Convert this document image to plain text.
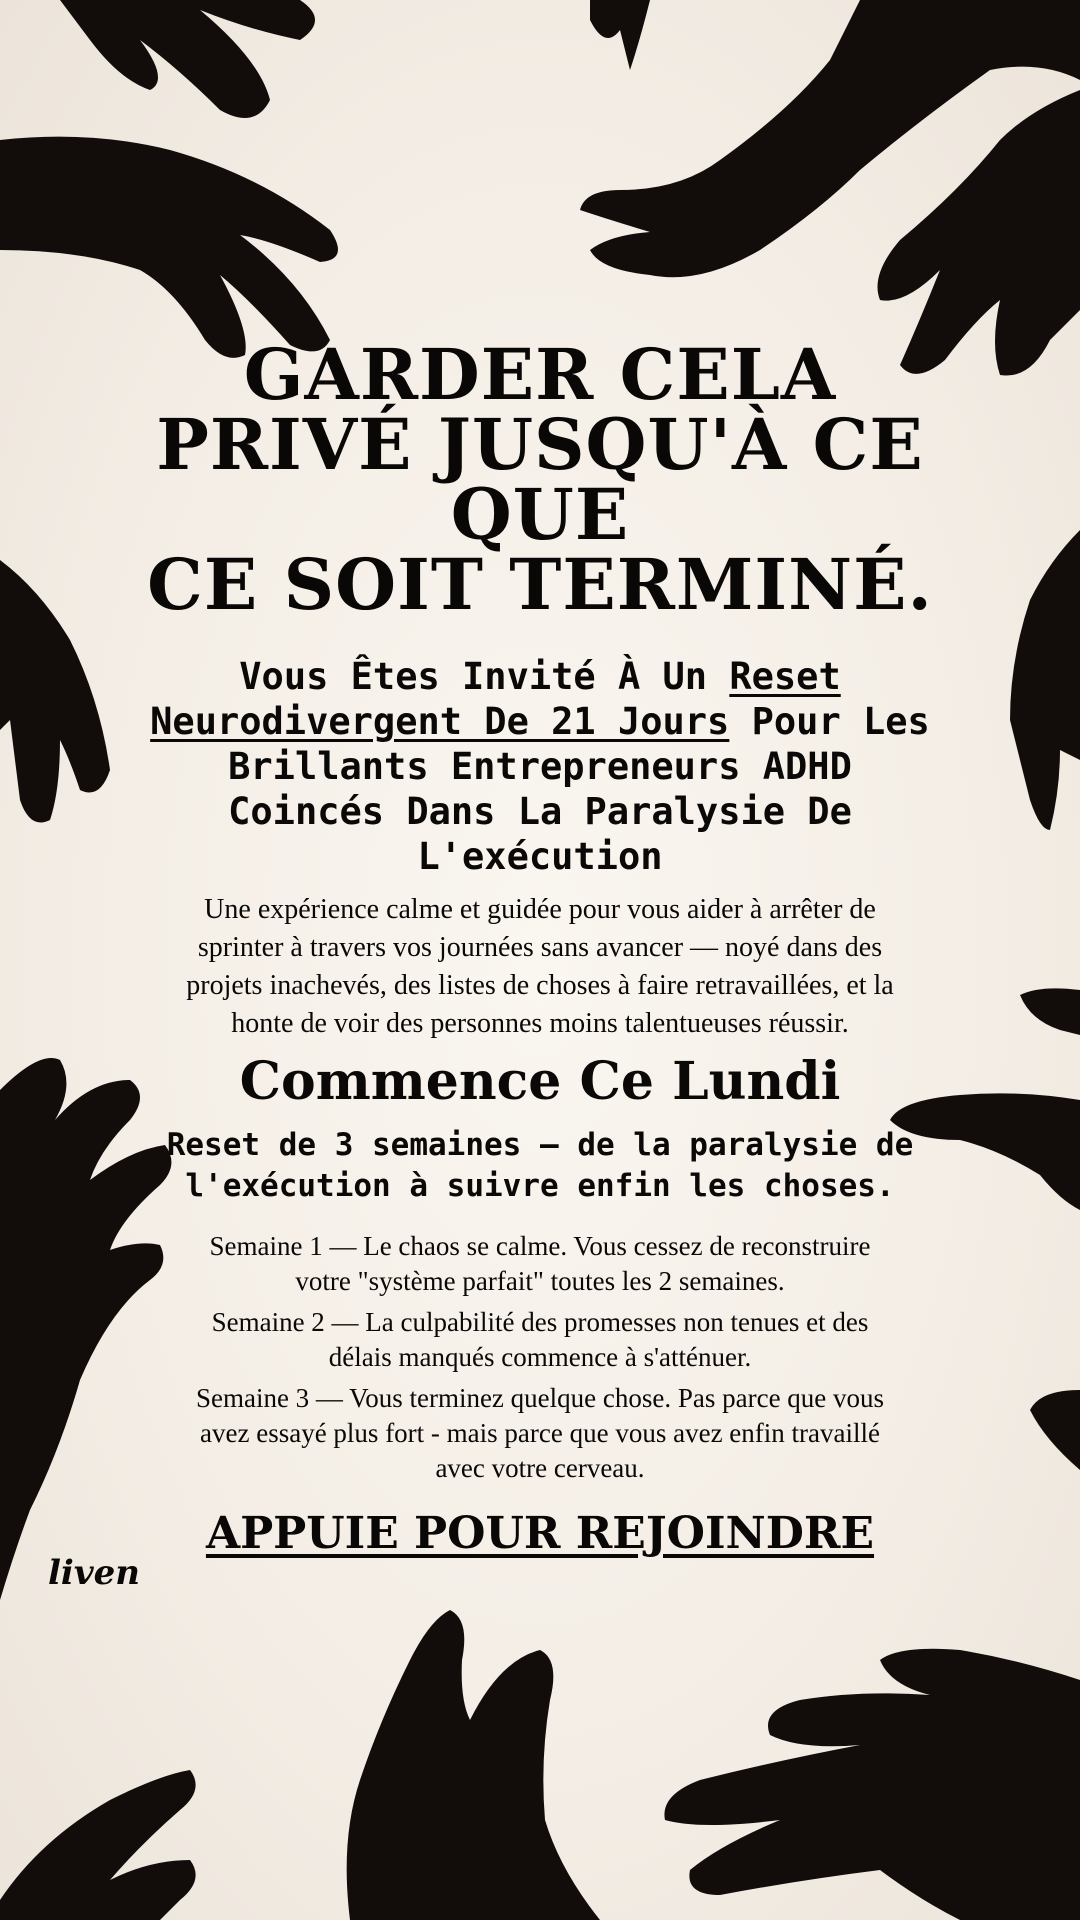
GARDER CELA
PRIVÉ JUSQU'À CE QUE
CE SOIT TERMINÉ.
Vous Êtes Invité À Un Reset Neurodivergent De 21 Jours Pour Les Brillants Entrepreneurs ADHD Coincés Dans La Paralysie De L'exécution
Une expérience calme et guidée pour vous aider à arrêter de sprinter à travers vos journées sans avancer — noyé dans des projets inachevés, des listes de choses à faire retravaillées, et la honte de voir des personnes moins talentueuses réussir.
Commence Ce Lundi
Reset de 3 semaines — de la paralysie de l'exécution à suivre enfin les choses.
Semaine 1 — Le chaos se calme. Vous cessez de reconstruire votre "système parfait" toutes les 2 semaines.
Semaine 2 — La culpabilité des promesses non tenues et des délais manqués commence à s'atténuer.
Semaine 3 — Vous terminez quelque chose. Pas parce que vous avez essayé plus fort - mais parce que vous avez enfin travaillé avec votre cerveau.
APPUIE POUR REJOINDRE
liven
